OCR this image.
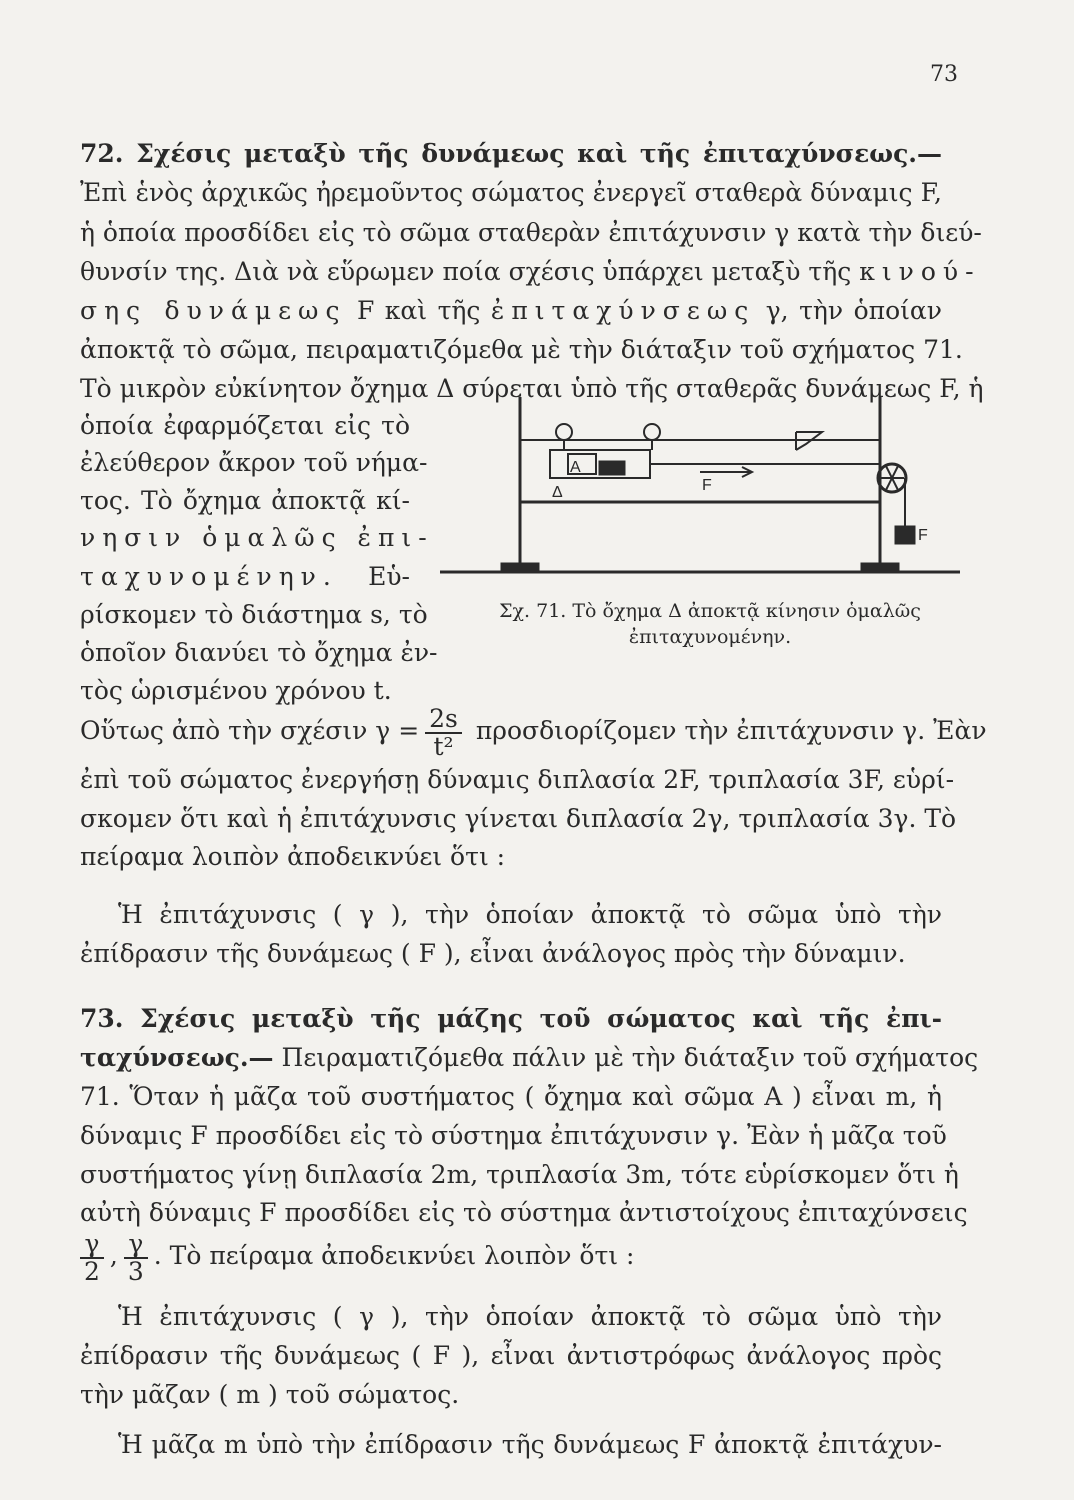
73
72. Σχέσις μεταξὺ τῆς δυνάμεως καὶ τῆς ἐπιταχύνσεως.—
Ἐπὶ ἑνὸς ἀρχικῶς ἠρεμοῦντος σώματος ἐνεργεῖ σταθερὰ δύναμις F,
ἡ ὁποία προσδίδει εἰς τὸ σῶμα σταθερὰν ἐπιτάχυνσιν γ κατὰ τὴν διεύ-
θυνσίν της. Διὰ νὰ εὕρωμεν ποία σχέσις ὑπάρχει μεταξὺ τῆς κινού-
σης δυνάμεως F καὶ τῆς ἐπιταχύνσεως γ, τὴν ὁποίαν
ἀποκτᾷ τὸ σῶμα, πειραματιζόμεθα μὲ τὴν διάταξιν τοῦ σχήματος 71.
Τὸ μικρὸν εὐκίνητον ὄχημα Δ σύρεται ὑπὸ τῆς σταθερᾶς δυνάμεως F, ἡ
ὁποία ἐφαρμόζεται εἰς τὸ
ἐλεύθερον ἄκρον τοῦ νήμα-
τος. Τὸ ὄχημα ἀποκτᾷ κί-
νησιν ὁμαλῶς ἐπι-
ταχυνομένην. Εὑ-
ρίσκομεν τὸ διάστημα s, τὸ
ὁποῖον διανύει τὸ ὄχημα ἐν-
τὸς ὡρισμένου χρόνου t.
A
Δ	F
F
Σχ. 71. Τὸ ὄχημα Δ ἀποκτᾷ κίνησιν ὁμαλῶς
ἐπιταχυνομένην.
Οὕτως ἀπὸ τὴν σχέσιν $\gamma = \frac{2s}{\text{t²}}$ προσδιορίζομεν τὴν ἐπιτάχυνσιν γ. Ἐὰν
ἐπὶ τοῦ σώματος ἐνεργήσῃ δύναμις διπλασία 2F, τριπλασία 3F, εὑρί-
σκομεν ὅτι καὶ ἡ ἐπιτάχυνσις γίνεται διπλασία 2γ, τριπλασία 3γ. Τὸ
πείραμα λοιπὸν ἀποδεικνύει ὅτι :
Ἡ ἐπιτάχυνσις ( γ ), τὴν ὁποίαν ἀποκτᾷ τὸ σῶμα ὑπὸ τὴν
ἐπίδρασιν τῆς δυνάμεως ( F ), εἶναι ἀνάλογος πρὸς τὴν δύναμιν.
73. Σχέσις μεταξὺ τῆς μάζης τοῦ σώματος καὶ τῆς ἐπι-
ταχύνσεως.— Πειραματιζόμεθα πάλιν μὲ τὴν διάταξιν τοῦ σχήματος
71. Ὅταν ἡ μᾶζα τοῦ συστήματος ( ὄχημα καὶ σῶμα A ) εἶναι m, ἡ
δύναμις F προσδίδει εἰς τὸ σύστημα ἐπιτάχυνσιν γ. Ἐὰν ἡ μᾶζα τοῦ
συστήματος γίνῃ διπλασία 2m, τριπλασία 3m, τότε εὑρίσκομεν ὅτι ἡ
αὐτὴ δύναμις F προσδίδει εἰς τὸ σύστημα ἀντιστοίχους ἐπιταχύνσεις
$\frac{\gamma}{2}$ , $\frac{\gamma}{3}$ . Τὸ πείραμα ἀποδεικνύει λοιπὸν ὅτι :
Ἡ ἐπιτάχυνσις ( γ ), τὴν ὁποίαν ἀποκτᾷ τὸ σῶμα ὑπὸ τὴν
ἐπίδρασιν τῆς δυνάμεως ( F ), εἶναι ἀντιστρόφως ἀνάλογος πρὸς
τὴν μᾶζαν ( m ) τοῦ σώματος.
Ἡ μᾶζα m ὑπὸ τὴν ἐπίδρασιν τῆς δυνάμεως F ἀποκτᾷ ἐπιτάχυν-
